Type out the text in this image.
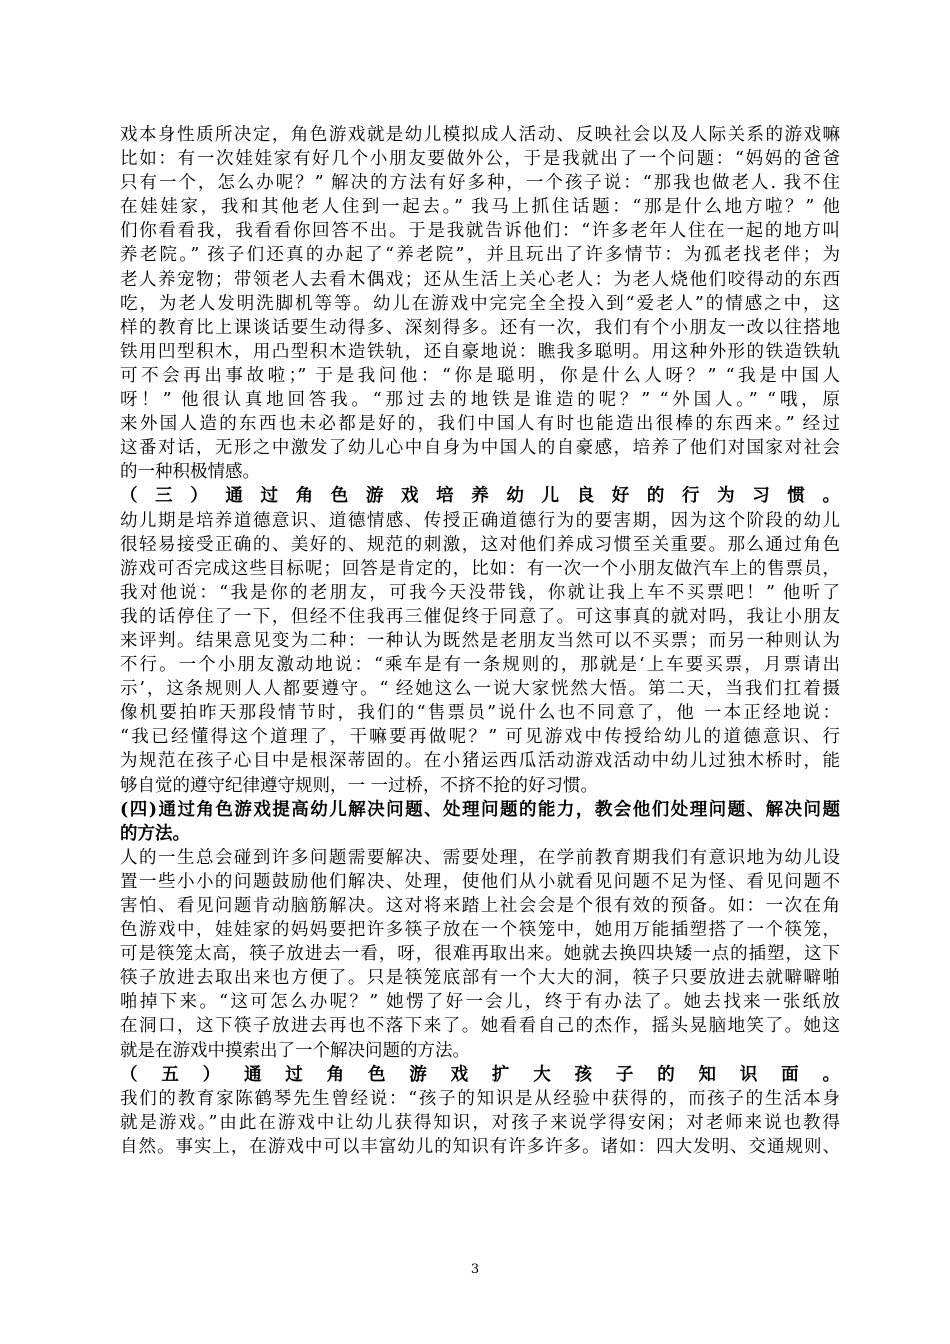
戏本身性质所决定，角色游戏就是幼儿模拟成人活动、反映社会以及人际关系的游戏嘛
比如：有一次娃娃家有好几个小朋友要做外公，于是我就出了一个问题：“妈妈的爸爸
只有一个，怎么办呢？” 解决的方法有好多种，一个孩子说：“那我也做老人. 我不住
在娃娃家，我和其他老人住到一起去。” 我马上抓住话题：“那是什么地方啦？” 他
们你看看我，我看看你回答不出。于是我就告诉他们：“许多老年人住在一起的地方叫
养老院。” 孩子们还真的办起了“养老院”，并且玩出了许多情节：为孤老找老伴；为
老人养宠物；带领老人去看木偶戏；还从生活上关心老人：为老人烧他们咬得动的东西
吃，为老人发明洗脚机等等。幼儿在游戏中完完全全投入到“爱老人”的情感之中，这
样的教育比上课谈话要生动得多、深刻得多。还有一次，我们有个小朋友一改以往搭地
铁用凹型积木，用凸型积木造铁轨，还自豪地说：瞧我多聪明。用这种外形的铁造铁轨
可不会再出事故啦；” 于是我问他：“你是聪明，你是什么人呀？” “我是中国人
呀！” 他很认真地回答我。“那过去的地铁是谁造的呢？” “外国人。” “哦，原
来外国人造的东西也未必都是好的，我们中国人有时也能造出很棒的东西来。” 经过
这番对话，无形之中激发了幼儿心中自身为中国人的自豪感，培养了他们对国家对社会
的一种积极情感。
（三）通过角色游戏培养幼儿良好的行为习惯。
幼儿期是培养道德意识、道德情感、传授正确道德行为的要害期，因为这个阶段的幼儿
很轻易接受正确的、美好的、规范的刺激，这对他们养成习惯至关重要。那么通过角色
游戏可否完成这些目标呢；回答是肯定的，比如：有一次一个小朋友做汽车上的售票员，
我对他说：“我是你的老朋友，可我今天没带钱，你就让我上车不买票吧！” 他听了
我的话停住了一下，但经不住我再三催促终于同意了。可这事真的就对吗，我让小朋友
来评判。结果意见变为二种：一种认为既然是老朋友当然可以不买票；而另一种则认为
不行。一个小朋友激动地说：“乘车是有一条规则的，那就是‘上车要买票，月票请出
示’，这条规则人人都要遵守。“ 经她这么一说大家恍然大悟。第二天，当我们扛着摄
像机要拍昨天那段情节时，我们的“售票员”说什么也不同意了，他 一本正经地说：
“我已经懂得这个道理了，干嘛要再做呢？” 可见游戏中传授给幼儿的道德意识、行
为规范在孩子心目中是根深蒂固的。在小猪运西瓜活动游戏活动中幼儿过独木桥时，能
够自觉的遵守纪律遵守规则，一 一过桥，不挤不抢的好习惯。
(四)通过角色游戏提高幼儿解决问题、处理问题的能力，教会他们处理问题、解决问题
的方法。
人的一生总会碰到许多问题需要解决、需要处理，在学前教育期我们有意识地为幼儿设
置一些小小的问题鼓励他们解决、处理，使他们从小就看见问题不足为怪、看见问题不
害怕、看见问题肯动脑筋解决。这对将来踏上社会会是个很有效的预备。如：一次在角
色游戏中，娃娃家的妈妈要把许多筷子放在一个筷笼中，她用万能插塑搭了一个筷笼，
可是筷笼太高，筷子放进去一看，呀，很难再取出来。她就去换四块矮一点的插塑，这下
筷子放进去取出来也方便了。只是筷笼底部有一个大大的洞，筷子只要放进去就噼噼啪
啪掉下来。“这可怎么办呢？” 她愣了好一会儿，终于有办法了。她去找来一张纸放
在洞口，这下筷子放进去再也不落下来了。她看看自己的杰作，摇头晃脑地笑了。她这
就是在游戏中摸索出了一个解决问题的方法。
（五）通过角色游戏扩大孩子的知识面。
我们的教育家陈鹤琴先生曾经说：“孩子的知识是从经验中获得的，而孩子的生活本身
就是游戏。”由此在游戏中让幼儿获得知识，对孩子来说学得安闲；对老师来说也教得
自然。事实上，在游戏中可以丰富幼儿的知识有许多许多。诸如：四大发明、交通规则、
3
